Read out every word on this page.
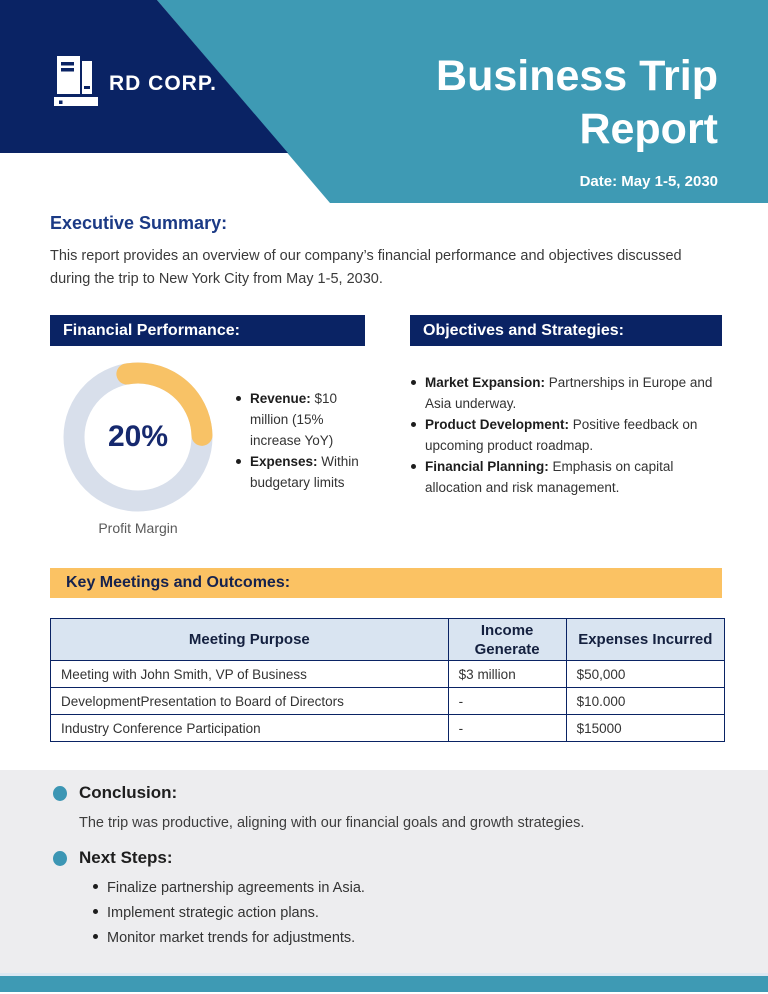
RD CORP.	Business Trip
Report
Date: May 1-5, 2030
Executive Summary:
This report provides an overview of our company’s financial performance and objectives discussed during the trip to New York City from May 1-5, 2030.
Financial Performance:
20%
Revenue: $10 million (15% increase YoY)
Expenses: Within budgetary limits
Profit Margin
Objectives and Strategies:
Market Expansion: Partnerships in Europe and Asia underway.
Product Development: Positive feedback on upcoming product roadmap.
Financial Planning: Emphasis on capital allocation and risk management.
Key Meetings and Outcomes:
Meeting Purpose	Income Generate	Expenses Incurred
Meeting with John Smith, VP of Business	$3 million	$50,000
DevelopmentPresentation to Board of Directors	-	$10.000
Industry Conference Participation	-	$15000
Conclusion:
The trip was productive, aligning with our financial goals and growth strategies.
Next Steps:
Finalize partnership agreements in Asia.
Implement strategic action plans.
Monitor market trends for adjustments.
